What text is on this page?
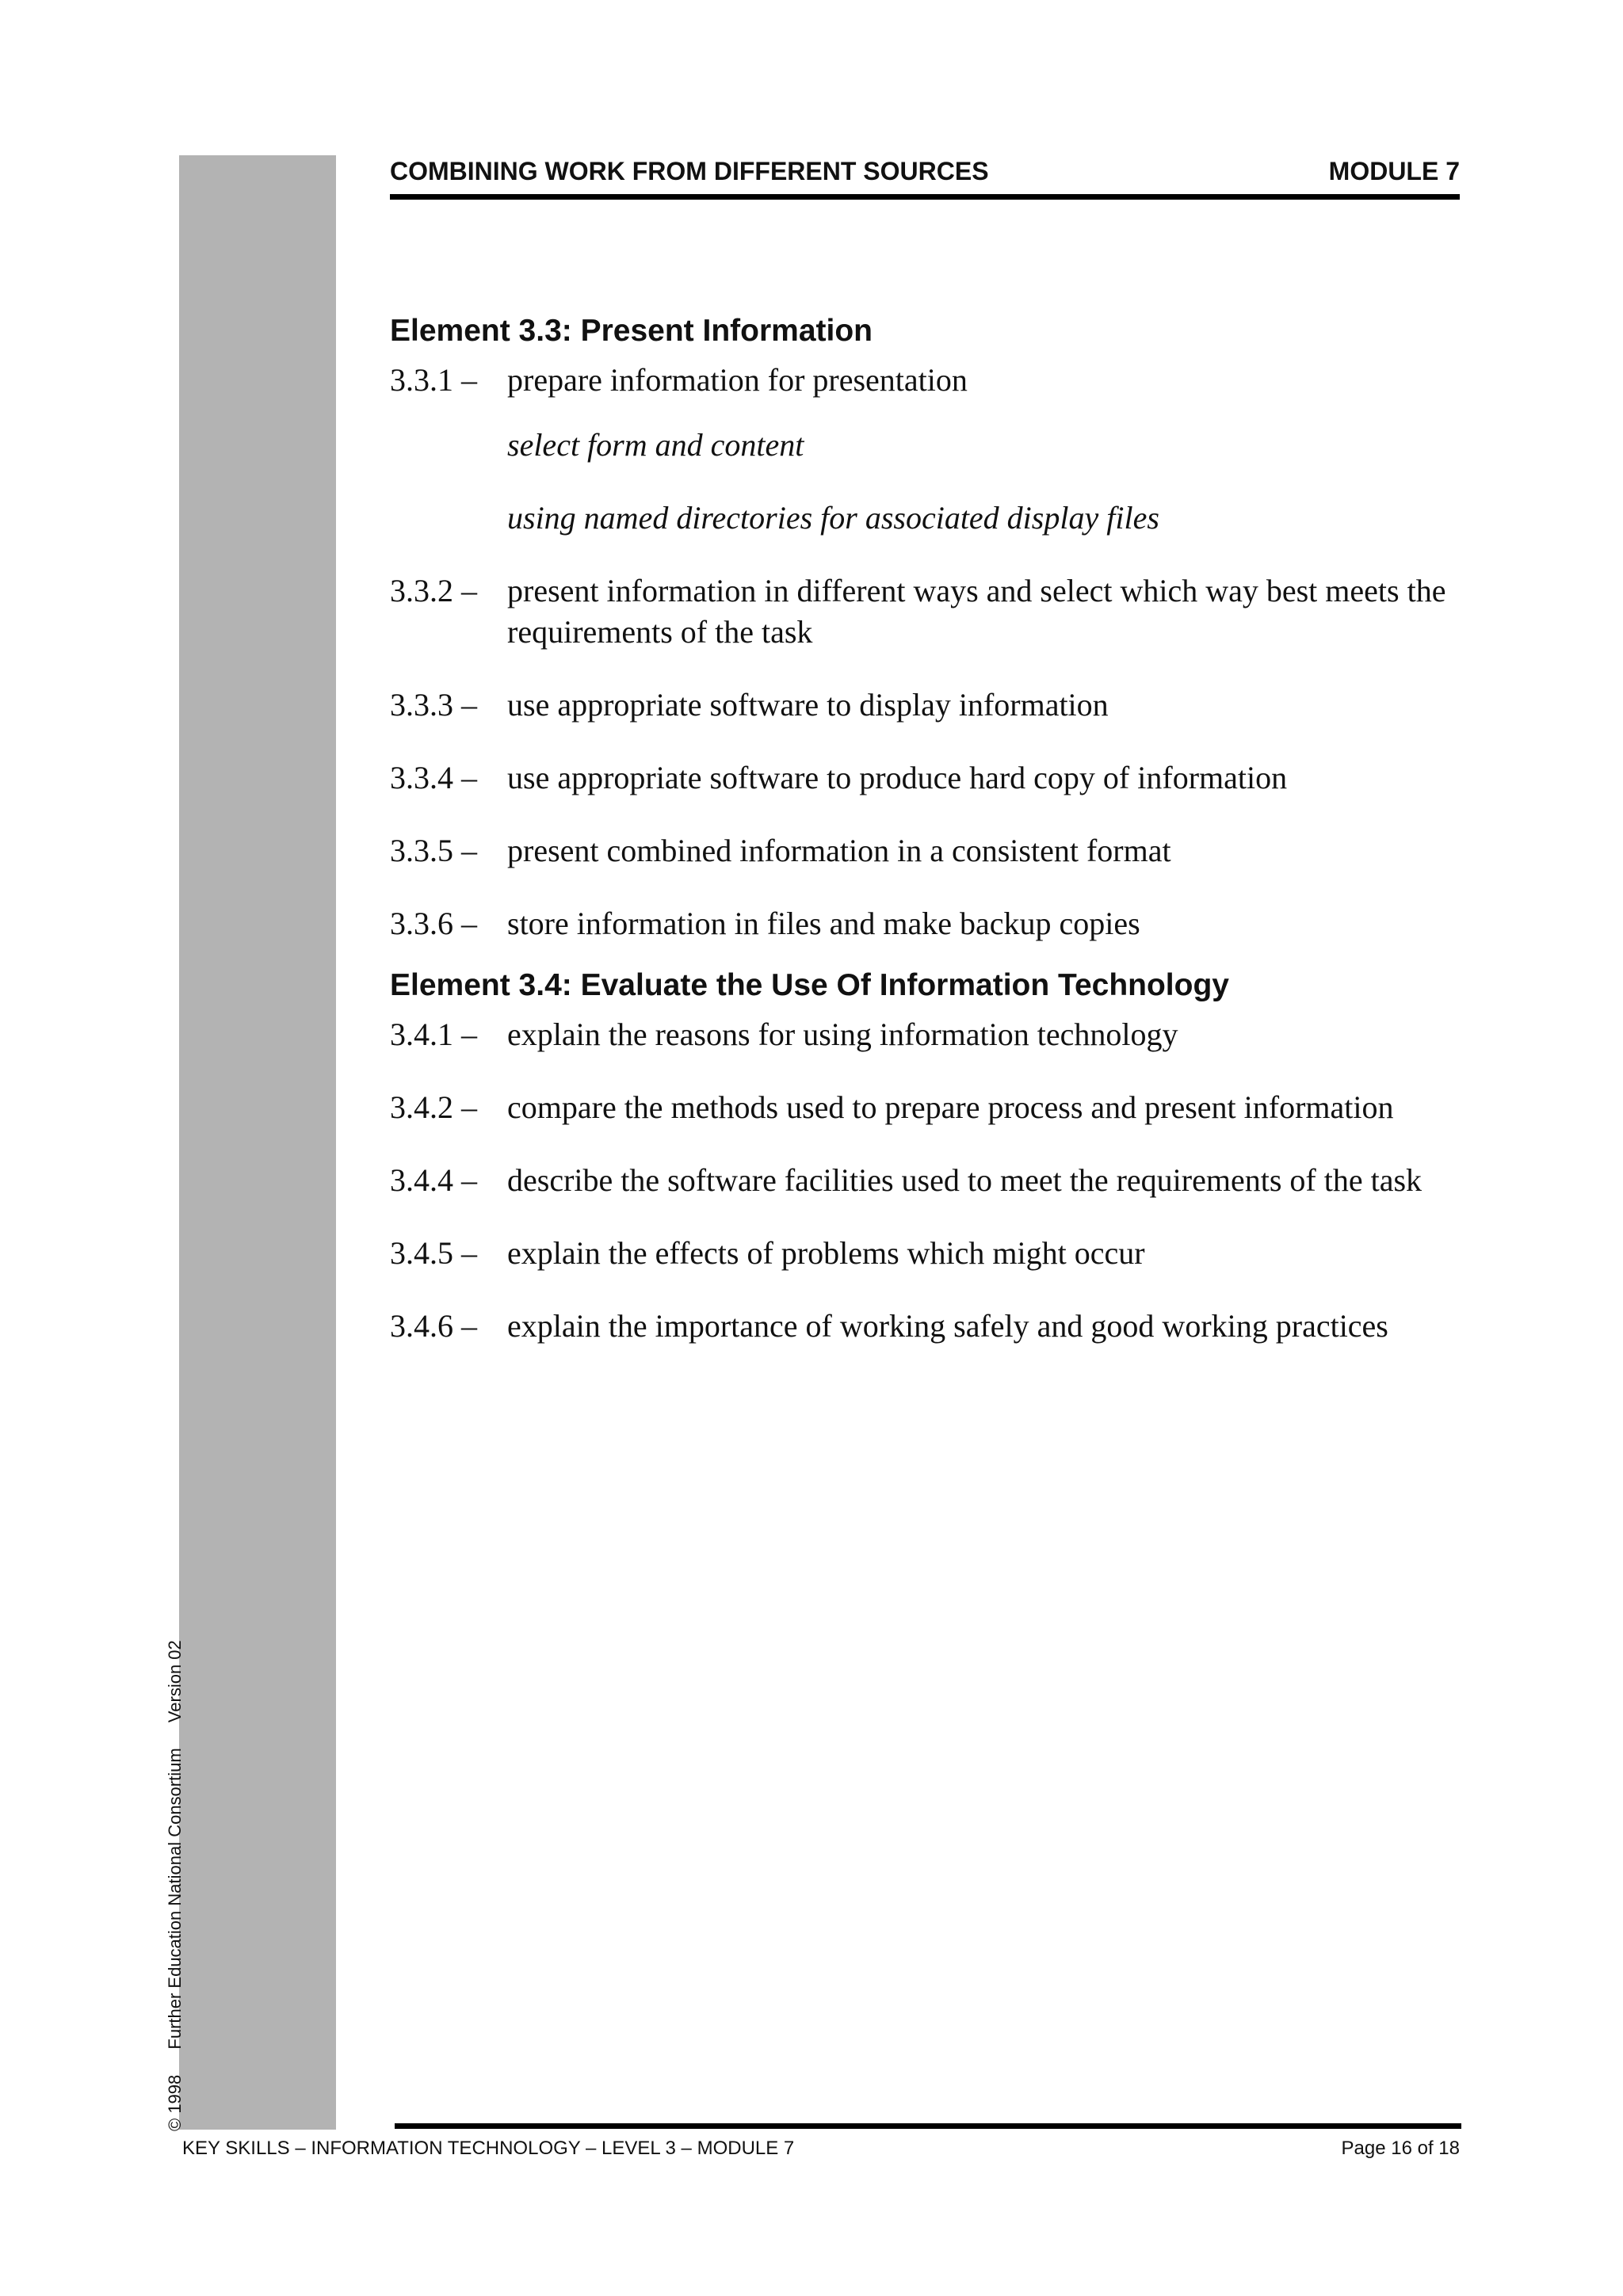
© 1998 Further Education National Consortium Version 02
COMBINING WORK FROM DIFFERENT SOURCES	MODULE 7
Element 3.3: Present Information
3.3.1 – prepare information for presentation
select form and content
using named directories for associated display files
3.3.2 – present information in different ways and select which way best meets the requirements of the task
3.3.3 – use appropriate software to display information
3.3.4 – use appropriate software to produce hard copy of information
3.3.5 – present combined information in a consistent format
3.3.6 – store information in files and make backup copies
Element 3.4: Evaluate the Use Of Information Technology
3.4.1 – explain the reasons for using information technology
3.4.2 – compare the methods used to prepare process and present information
3.4.4 – describe the software facilities used to meet the requirements of the task
3.4.5 – explain the effects of problems which might occur
3.4.6 – explain the importance of working safely and good working practices
KEY SKILLS – INFORMATION TECHNOLOGY – LEVEL 3 – MODULE 7	Page 16 of 18
